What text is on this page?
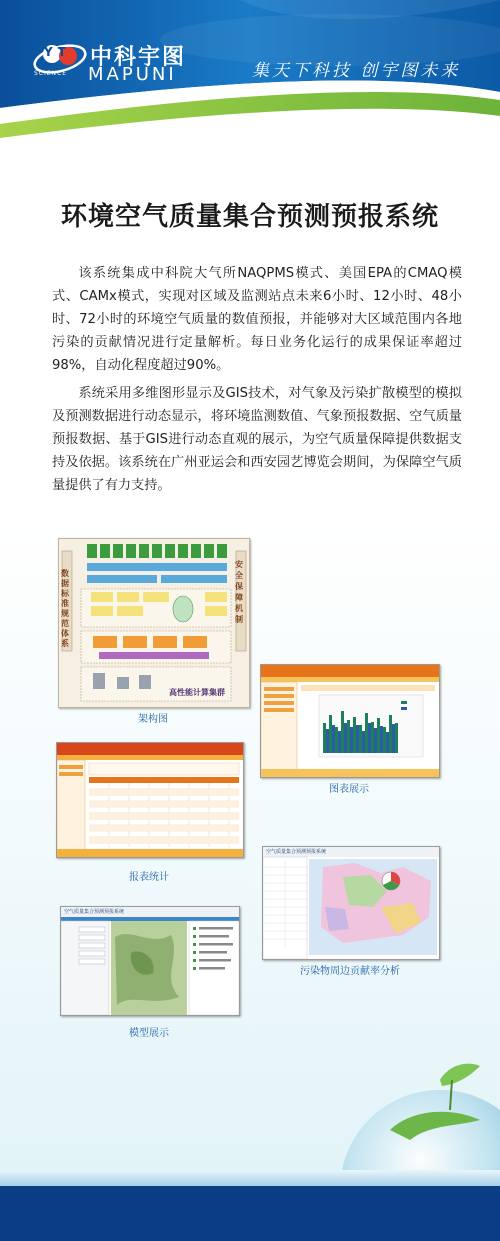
YT
SCIENCE
中科宇图
MAPUNI	集天下科技 创宇图未来
环境空气质量集合预测预报系统

该系统集成中科院大气所NAQPMS模式、美国EPA的CMAQ模式、CAMx模式，实现对区域及监测站点未来6小时、12小时、48小时、72小时的环境空气质量的数值预报，并能够对大区域范围内各地污染的贡献情况进行定量解析。每日业务化运行的成果保证率超过98%，自动化程度超过90%。

系统采用多维图形显示及GIS技术，对气象及污染扩散模型的模拟及预测数据进行动态显示，将环境监测数值、气象预报数据、空气质量预报数据、基于GIS进行动态直观的展示，为空气质量保障提供数据支持及依据。该系统在广州亚运会和西安园艺博览会期间，为保障空气质量提供了有力支持。

数据标准规范体系
安全保障机制
高性能计算集群
架构图
图表展示
报表统计
空气质量集合预测预报系统
污染物周边贡献率分析
空气质量集合预测预报系统
模型展示
